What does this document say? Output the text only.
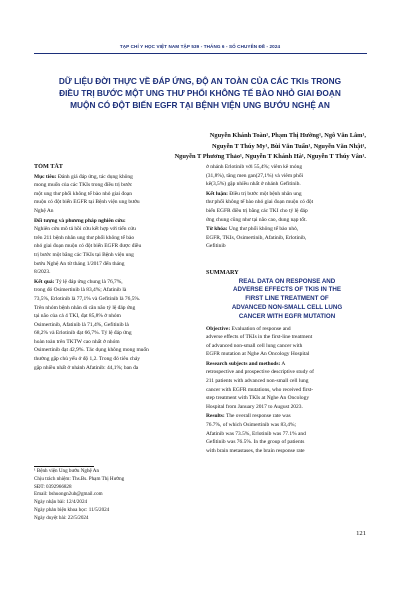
TẠP CHÍ Y HỌC VIỆT NAM TẬP 539 - THÁNG 6 - SỐ CHUYÊN ĐỀ - 2024
DỮ LIỆU ĐỜI THỰC VỀ ĐÁP ỨNG, ĐỘ AN TOÀN CỦA CÁC TKIs TRONG
ĐIỀU TRỊ BƯỚC MỘT UNG THƯ PHỔI KHÔNG TẾ BÀO NHỎ GIAI ĐOẠN
MUỘN CÓ ĐỘT BIẾN EGFR TẠI BỆNH VIỆN UNG BƯỚU NGHỆ AN
Nguyễn Khánh Toàn¹, Phạm Thị Hường¹, Ngô Văn Lâm¹,
Nguyễn T Thúy My¹, Bùi Văn Tuấn¹, Nguyễn Văn Nhật¹,
Nguyễn T Phương Thảo¹, Nguyễn T Khánh Hà¹, Nguyễn T Thúy Vân¹.
TÓM TẮT
Mục tiêu: Đánh giá đáp ứng, tác dụng không
mong muốn của các TKIs trong điều trị bước
một ung thư phổi không tế bào nhỏ giai đoạn
muộn có đột biến EGFR tại Bệnh viện ung bướu
Nghệ An
Đối tượng và phương pháp nghiên cứu:
Nghiên cứu mô tả hồi cứu kết hợp với tiến cứu
trên 211 bệnh nhân ung thư phổi không tế bào
nhỏ giai đoạn muộn có đột biến EGFR được điều
trị bước một bằng các TKIs tại Bệnh viện ung
bướu Nghệ An từ tháng 1/2017 đến tháng
8/2023.
Kết quả: Tỷ lệ đáp ứng chung là 76,7%,
trong đó Osimertinib là 83,4%; Afatinib là
73,5%, Erlotinib là 77,1% và Gefitinib là 76,5%.
Trên nhóm bệnh nhân di căn não tỷ lệ đáp ứng
tại não của cả 4 TKI, đạt 85,8% ở nhóm
Osimertinib, Afatinib là 71,4%, Gefitinib là
68,2% và Erlotinib đạt 66,7%. Tỷ lệ đáp ứng
hoàn toàn trên TKTW cao nhất ở nhóm
Osimertinib đạt 42,9%. Tác dụng không mong muốn
thường gặp chủ yếu ở độ 1,2. Trong đó tiêu chảy
gặp nhiều nhất ở nhánh Afatinib: 44,1%; ban đa
¹ Bệnh viện Ung bướu Nghệ An
Chịu trách nhiệm: Ths.Bs. Phạm Thị Hường
SĐT: 0392966828
Email: bshuongn2ub@gmail.com
Ngày nhận bài: 12/4/2024
Ngày phản biện khoa học: 11/5/2024
Ngày duyệt bài: 22/5/2024
ở nhánh Erlotinib với 55,4%; viêm kẽ móng
(31,8%), tăng men gan(27,1%) và viêm phổi
kẽ(3,5%) gặp nhiều nhất ở nhánh Gefitinib.
Kết luận: Điều trị bước một bệnh nhân ung
thư phổi không tế bào nhỏ giai đoạn muộn có đột
biến EGFR điều trị bằng các TKI cho tỷ lệ đáp
ứng chung cũng như tại não cao, dung nạp tốt.
Từ khóa: Ung thư phổi không tế bào nhỏ,
EGFR, TKIs, Osimertinib, Afatinib, Erlotinib,
Gefitinib
SUMMARY
REAL DATA ON RESPONSE AND
ADVERSE EFFECTS OF TKIS IN THE
FIRST LINE TREATMENT OF
ADVANCED NON-SMALL CELL LUNG
CANCER WITH EGFR MUTATION
Objective: Evaluation of response and
adverse effects of TKIs in the first-line treatment
of advanced non-small cell lung cancer with
EGFR mutation at Nghe An Oncology Hospital
Research subjects and methods: A
retrospective and prospective descriptive study of
211 patients with advanced non-small cell lung
cancer with EGFR mutations, who received first-
step treatment with TKIs at Nghe An Oncology
Hospital from January 2017 to August 2023.
Results: The overall response rate was
76.7%, of which Osimertinib was 83,4%;
Afatinib was 73.5%, Erlotinib was 77.1% and
Gefitinib was 76.5%. In the group of patients
with brain metastases, the brain response rate
121
